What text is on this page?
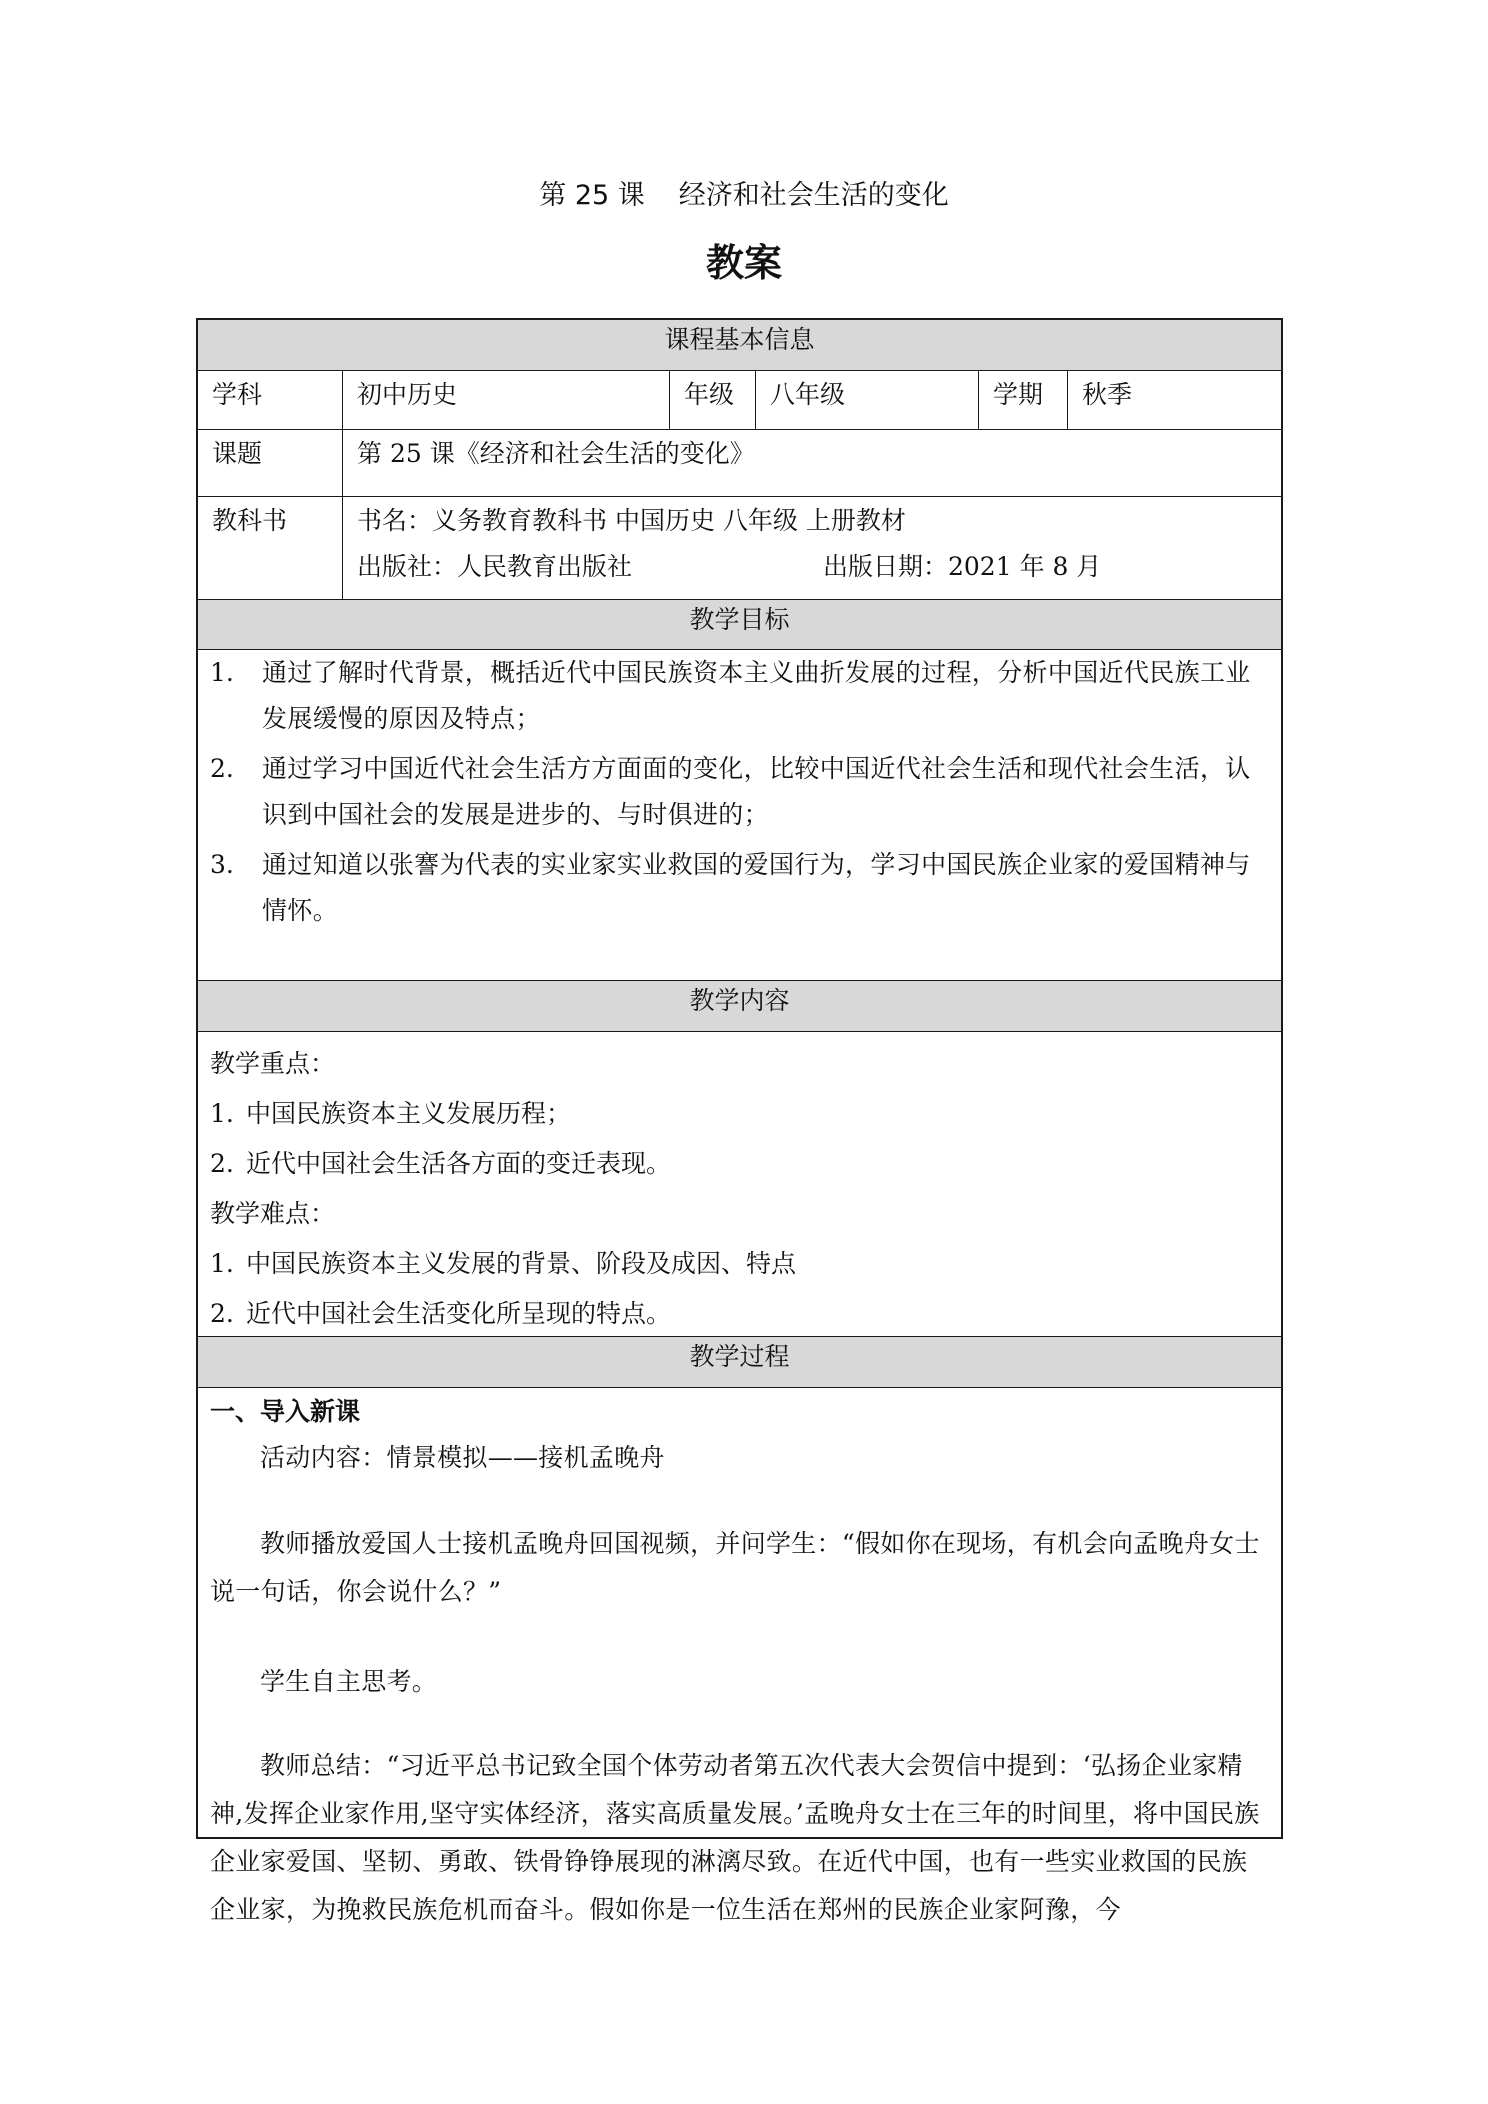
第 25 课 经济和社会生活的变化
教案
课程基本信息
学科	初中历史	年级	八年级	学期	秋季
课题	第 25 课《经济和社会生活的变化》
教科书	书名：义务教育教科书 中国历史 八年级 上册教材
出版社：人民教育出版社	出版日期：2021 年 8 月
教学目标
1. 通过了解时代背景，概括近代中国民族资本主义曲折发展的过程，分析中国近代民族工业发展缓慢的原因及特点；
2. 通过学习中国近代社会生活方方面面的变化，比较中国近代社会生活和现代社会生活，认识到中国社会的发展是进步的、与时俱进的；
3. 通过知道以张謇为代表的实业家实业救国的爱国行为，学习中国民族企业家的爱国精神与情怀。
教学内容
教学重点：
1. 中国民族资本主义发展历程；
2. 近代中国社会生活各方面的变迁表现。
教学难点：
1. 中国民族资本主义发展的背景、阶段及成因、特点
2. 近代中国社会生活变化所呈现的特点。
教学过程
一、导入新课
活动内容：情景模拟——接机孟晚舟
教师播放爱国人士接机孟晚舟回国视频，并问学生：“假如你在现场，有机会向孟晚舟女士说一句话，你会说什么？”
学生自主思考。
教师总结：“习近平总书记致全国个体劳动者第五次代表大会贺信中提到：‘弘扬企业家精神,发挥企业家作用,坚守实体经济，落实高质量发展。’孟晚舟女士在三年的时间里，将中国民族企业家爱国、坚韧、勇敢、铁骨铮铮展现的淋漓尽致。在近代中国，也有一些实业救国的民族企业家，为挽救民族危机而奋斗。假如你是一位生活在郑州的民族企业家阿豫，今
